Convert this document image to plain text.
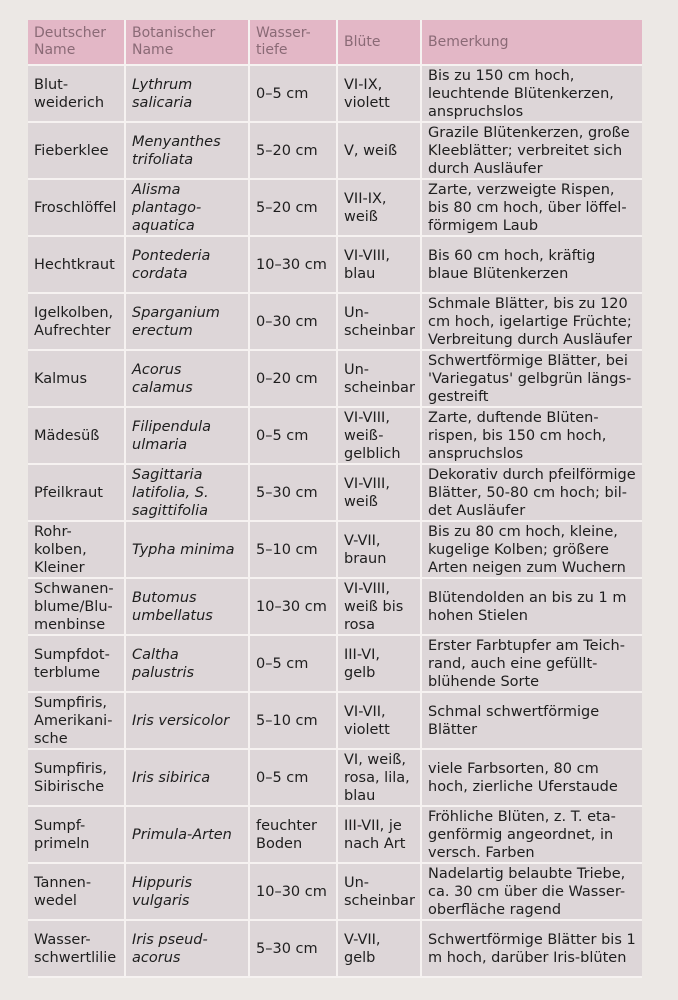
Deutscher Name	Botanischer Name	Wasser-tiefe	Blüte	Bemerkung
Blut-weiderich	Lythrum salicaria	0–5 cm	VI-IX, violett	Bis zu 150 cm hoch, leuchtende Blütenkerzen, anspruchslos
Fieberklee	Menyanthes trifoliata	5–20 cm	V, weiß	Grazile Blütenkerzen, große Kleeblätter; verbreitet sich durch Ausläufer
Froschlöffel	Alisma plantago-aquatica	5–20 cm	VII-IX, weiß	Zarte, verzweigte Rispen, bis 80 cm hoch, über löffel-förmigem Laub
Hechtkraut	Pontederia cordata	10–30 cm	VI-VIII, blau	Bis 60 cm hoch, kräftig blaue Blütenkerzen
Igelkolben, Aufrechter	Sparganium erectum	0–30 cm	Un-scheinbar	Schmale Blätter, bis zu 120 cm hoch, igelartige Früchte; Verbreitung durch Ausläufer
Kalmus	Acorus calamus	0–20 cm	Un-scheinbar	Schwertförmige Blätter, bei 'Variegatus' gelbgrün längs-gestreift
Mädesüß	Filipendula ulmaria	0–5 cm	VI-VIII, weiß-gelblich	Zarte, duftende Blüten-rispen, bis 150 cm hoch, anspruchslos
Pfeilkraut	Sagittaria latifolia, S. sagittifolia	5–30 cm	VI-VIII, weiß	Dekorativ durch pfeilförmige Blätter, 50-80 cm hoch; bil-det Ausläufer
Rohr-kolben, Kleiner	Typha minima	5–10 cm	V-VII, braun	Bis zu 80 cm hoch, kleine, kugelige Kolben; größere Arten neigen zum Wuchern
Schwanen-blume/Blu-menbinse	Butomus umbellatus	10–30 cm	VI-VIII, weiß bis rosa	Blütendolden an bis zu 1 m hohen Stielen
Sumpfdot-terblume	Caltha palustris	0–5 cm	III-VI, gelb	Erster Farbtupfer am Teich-rand, auch eine gefüllt-blühende Sorte
Sumpfiris, Amerikani-sche	Iris versicolor	5–10 cm	VI-VII, violett	Schmal schwertförmige Blätter
Sumpfiris, Sibirische	Iris sibirica	0–5 cm	VI, weiß, rosa, lila, blau	viele Farbsorten, 80 cm hoch, zierliche Uferstaude
Sumpf-primeln	Primula-Arten	feuchter Boden	III-VII, je nach Art	Fröhliche Blüten, z. T. eta-genförmig angeordnet, in versch. Farben
Tannen-wedel	Hippuris vulgaris	10–30 cm	Un-scheinbar	Nadelartig belaubte Triebe, ca. 30 cm über die Wasser-oberfläche ragend
Wasser-schwertlilie	Iris pseud-acorus	5–30 cm	V-VII, gelb	Schwertförmige Blätter bis 1 m hoch, darüber Iris-blüten
